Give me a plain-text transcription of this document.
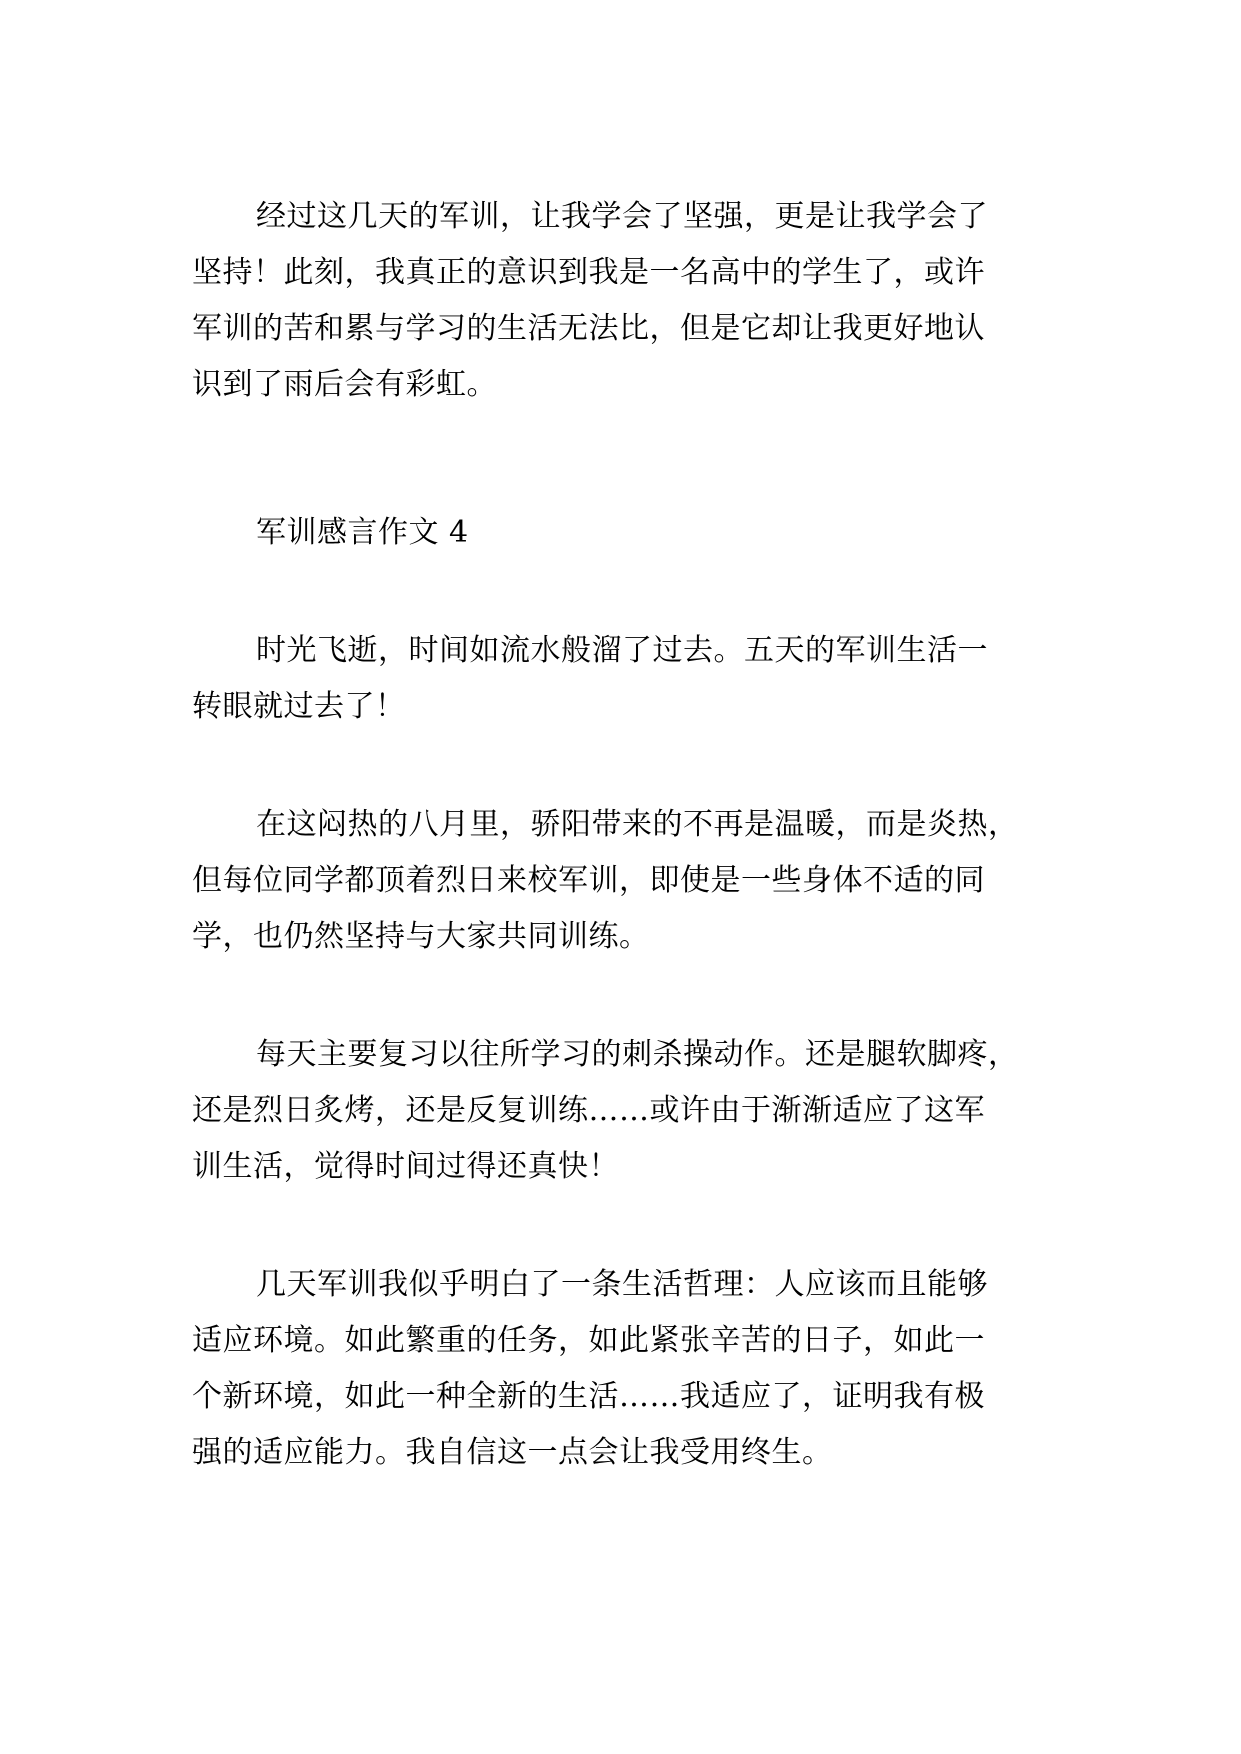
经过这几天的军训，让我学会了坚强，更是让我学会了
坚持！此刻，我真正的意识到我是一名高中的学生了，或许
军训的苦和累与学习的生活无法比，但是它却让我更好地认
识到了雨后会有彩虹。
军训感言作文 4
时光飞逝，时间如流水般溜了过去。五天的军训生活一
转眼就过去了！
在这闷热的八月里，骄阳带来的不再是温暖，而是炎热，
但每位同学都顶着烈日来校军训，即使是一些身体不适的同
学，也仍然坚持与大家共同训练。
每天主要复习以往所学习的刺杀操动作。还是腿软脚疼，
还是烈日炙烤，还是反复训练……或许由于渐渐适应了这军
训生活，觉得时间过得还真快！
几天军训我似乎明白了一条生活哲理：人应该而且能够
适应环境。如此繁重的任务，如此紧张辛苦的日子，如此一
个新环境，如此一种全新的生活……我适应了，证明我有极
强的适应能力。我自信这一点会让我受用终生。
